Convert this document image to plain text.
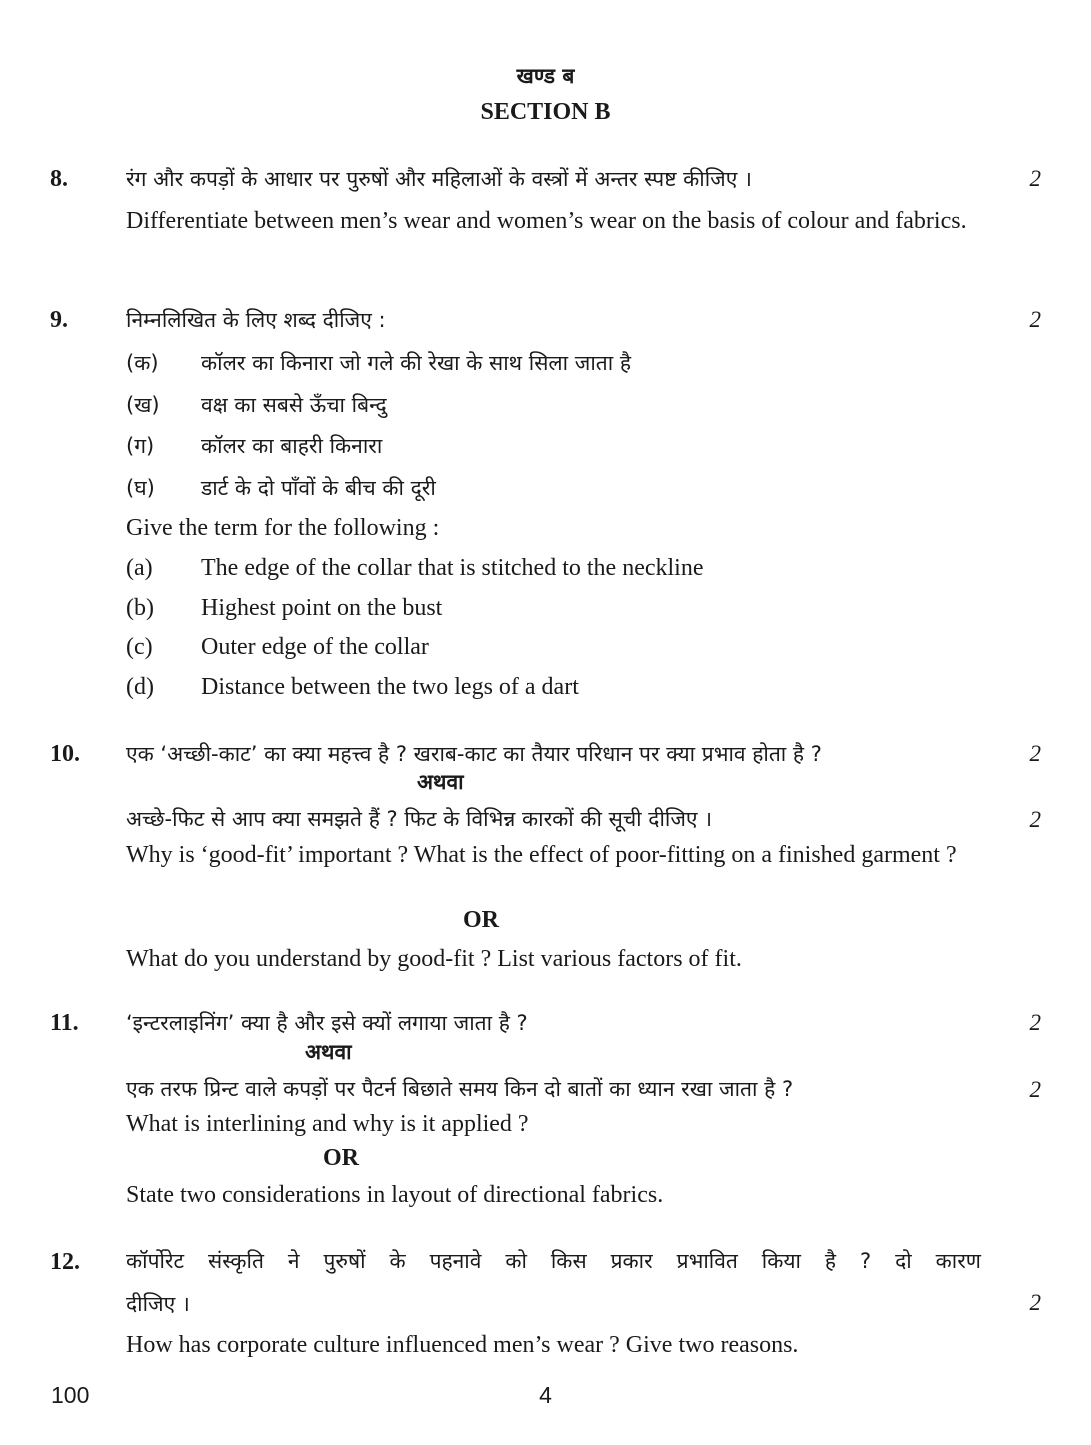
खण्ड ब
SECTION B
8.	रंग और कपड़ों के आधार पर पुरुषों और महिलाओं के वस्त्रों में अन्तर स्पष्ट कीजिए ।	2
Differentiate between men’s wear and women’s wear on the basis of colour and fabrics.
9.	निम्नलिखित के लिए शब्द दीजिए :	2
(क) कॉलर का किनारा जो गले की रेखा के साथ सिला जाता है
(ख) वक्ष का सबसे ऊँचा बिन्दु
(ग) कॉलर का बाहरी किनारा
(घ) डार्ट के दो पाँवों के बीच की दूरी
Give the term for the following :
(a) The edge of the collar that is stitched to the neckline
(b) Highest point on the bust
(c) Outer edge of the collar
(d) Distance between the two legs of a dart
10. एक ‘अच्छी-काट’ का क्या महत्त्व है ? खराब-काट का तैयार परिधान पर क्या प्रभाव होता है ?	2
अथवा
अच्छे-फिट से आप क्या समझते हैं ? फिट के विभिन्न कारकों की सूची दीजिए ।	2
Why is ‘good-fit’ important ? What is the effect of poor-fitting on a finished garment ?
OR
What do you understand by good-fit ? List various factors of fit.
11. ‘इन्टरलाइनिंग’ क्या है और इसे क्यों लगाया जाता है ?	2
अथवा
एक तरफ प्रिन्ट वाले कपड़ों पर पैटर्न बिछाते समय किन दो बातों का ध्यान रखा जाता है ?	2
What is interlining and why is it applied ?
OR
State two considerations in layout of directional fabrics.
12. कॉर्पोरेट संस्कृति ने पुरुषों के पहनावे को किस प्रकार प्रभावित किया है ? दो कारण
दीजिए ।	2
How has corporate culture influenced men’s wear ? Give two reasons.
100	4
